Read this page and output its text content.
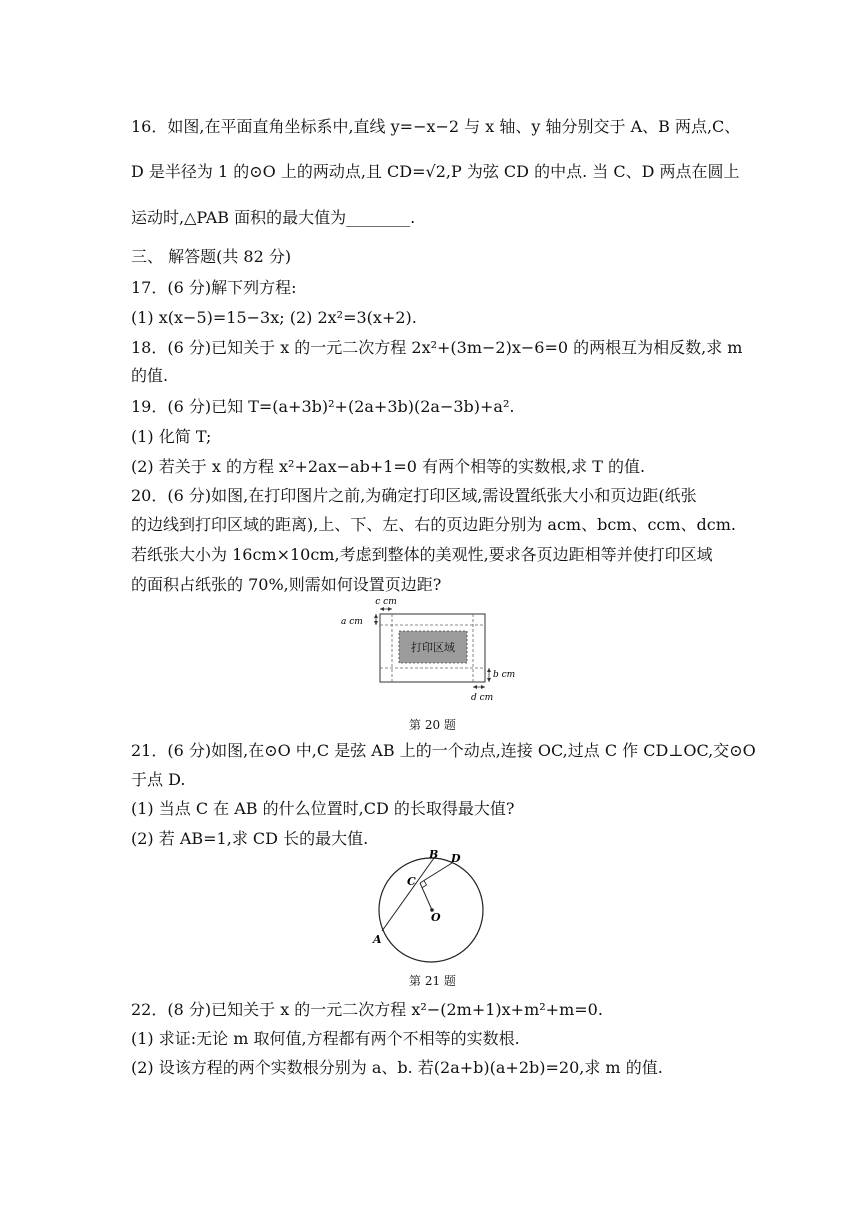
16．如图,在平面直角坐标系中,直线 y=−x−2 与 x 轴、y 轴分别交于 A、B 两点,C、
D 是半径为 1 的⊙O 上的两动点,且 CD=√2,P 为弦 CD 的中点. 当 C、D 两点在圆上
运动时,△PAB 面积的最大值为________.
三、 解答题(共 82 分)
17．(6 分)解下列方程:
(1) x(x−5)=15−3x; (2) 2x²=3(x+2).
18．(6 分)已知关于 x 的一元二次方程 2x²+(3m−2)x−6=0 的两根互为相反数,求 m
的值.
19．(6 分)已知 T=(a+3b)²+(2a+3b)(2a−3b)+a².
(1) 化简 T;
(2) 若关于 x 的方程 x²+2ax−ab+1=0 有两个相等的实数根,求 T 的值.
20．(6 分)如图,在打印图片之前,为确定打印区域,需设置纸张大小和页边距(纸张
的边线到打印区域的距离),上、下、左、右的页边距分别为 acm、bcm、ccm、dcm.
若纸张大小为 16cm×10cm,考虑到整体的美观性,要求各页边距相等并使打印区域
的面积占纸张的 70%,则需如何设置页边距?
打印区域
c cm
a cm
b cm
d cm
第 20 题
21．(6 分)如图,在⊙O 中,C 是弦 AB 上的一个动点,连接 OC,过点 C 作 CD⊥OC,交⊙O
于点 D.
(1) 当点 C 在 AB 的什么位置时,CD 的长取得最大值?
(2) 若 AB=1,求 CD 长的最大值.
A
B
C
D
O
第 21 题
22．(8 分)已知关于 x 的一元二次方程 x²−(2m+1)x+m²+m=0.
(1) 求证:无论 m 取何值,方程都有两个不相等的实数根.
(2) 设该方程的两个实数根分别为 a、b. 若(2a+b)(a+2b)=20,求 m 的值.
